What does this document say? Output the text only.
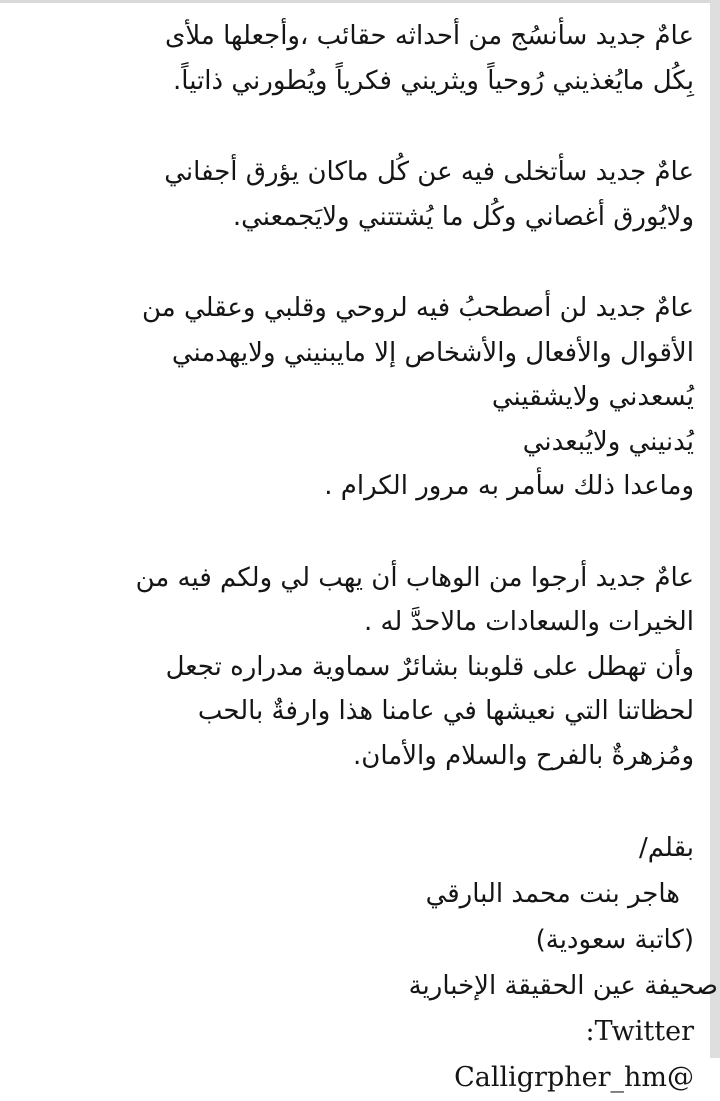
عامٌ جديد سأنسُج من أحداثه حقائب ،وأجعلها ملأى
بِكُل مايُغذيني رُوحياً ويثريني فكرياً ويُطورني ذاتياً.
عامٌ جديد سأتخلى فيه عن كُل ماكان يؤرق أجفاني
ولايُورق أغصاني وكُل ما يُشتتني ولايَجمعني.
عامٌ جديد لن أصطحبُ فيه لروحي وقلبي وعقلي من
الأقوال والأفعال والأشخاص إلا مايبنيني ولايهدمني
يُسعدني ولايشقيني
يُدنيني ولايُبعدني
وماعدا ذلك سأمر به مرور الكرام .
عامٌ جديد أرجوا من الوهاب أن يهب لي ولكم فيه من
الخيرات والسعادات مالاحدَّ له .
وأن تهطل على قلوبنا بشائرٌ سماوية مدراره تجعل
لحظاتنا التي نعيشها في عامنا هذا وارفةٌ بالحب
ومُزهرةٌ بالفرح والسلام والأمان.
بقلم/
هاجر بنت محمد البارقي
(كاتبة سعودية)
صحيفة عين الحقيقة الإخبارية
:Twitter
Calligrpher_hm@
